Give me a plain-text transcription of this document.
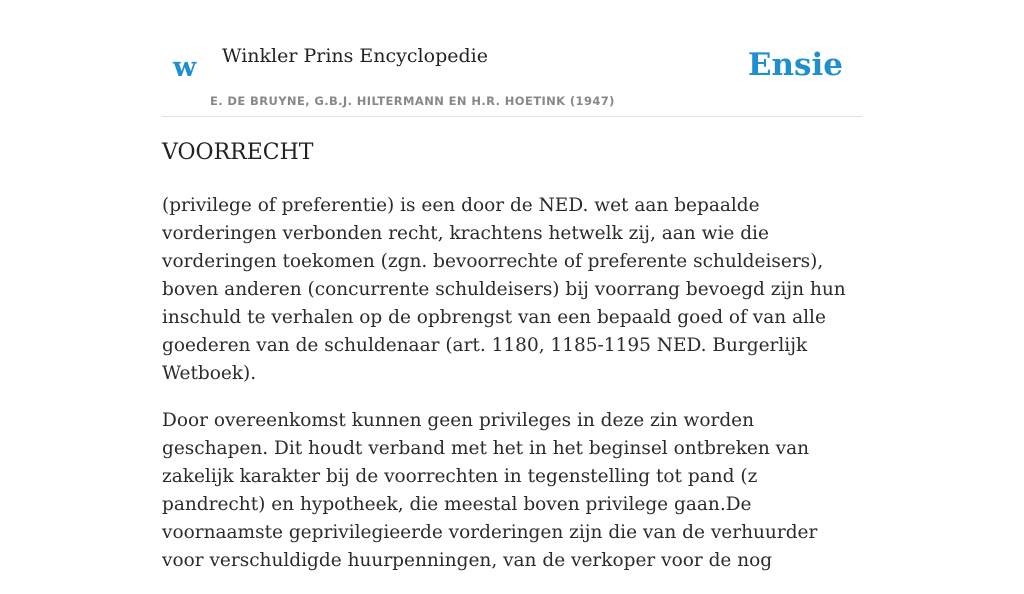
w Winkler Prins Encyclopedie
E. DE BRUYNE, G.B.J. HILTERMANN EN H.R. HOETINK (1947)
Ensie
VOORRECHT

(privilege of preferentie) is een door de NED. wet aan bepaalde vorderingen verbonden recht, krachtens hetwelk zij, aan wie die vorderingen toekomen (zgn. bevoorrechte of preferente schuldeisers), boven anderen (concurrente schuldeisers) bij voorrang bevoegd zijn hun inschuld te verhalen op de opbrengst van een bepaald goed of van alle goederen van de schuldenaar (art. 1180, 1185-1195 NED. Burgerlijk Wetboek).

Door overeenkomst kunnen geen privileges in deze zin worden geschapen. Dit houdt verband met het in het beginsel ontbreken van zakelijk karakter bij de voorrechten in tegenstelling tot pand (z pandrecht) en hypotheek, die meestal boven privilege gaan.De voornaamste geprivilegieerde vorderingen zijn die van de verhuurder voor verschuldigde huurpenningen, van de verkoper voor de nog
